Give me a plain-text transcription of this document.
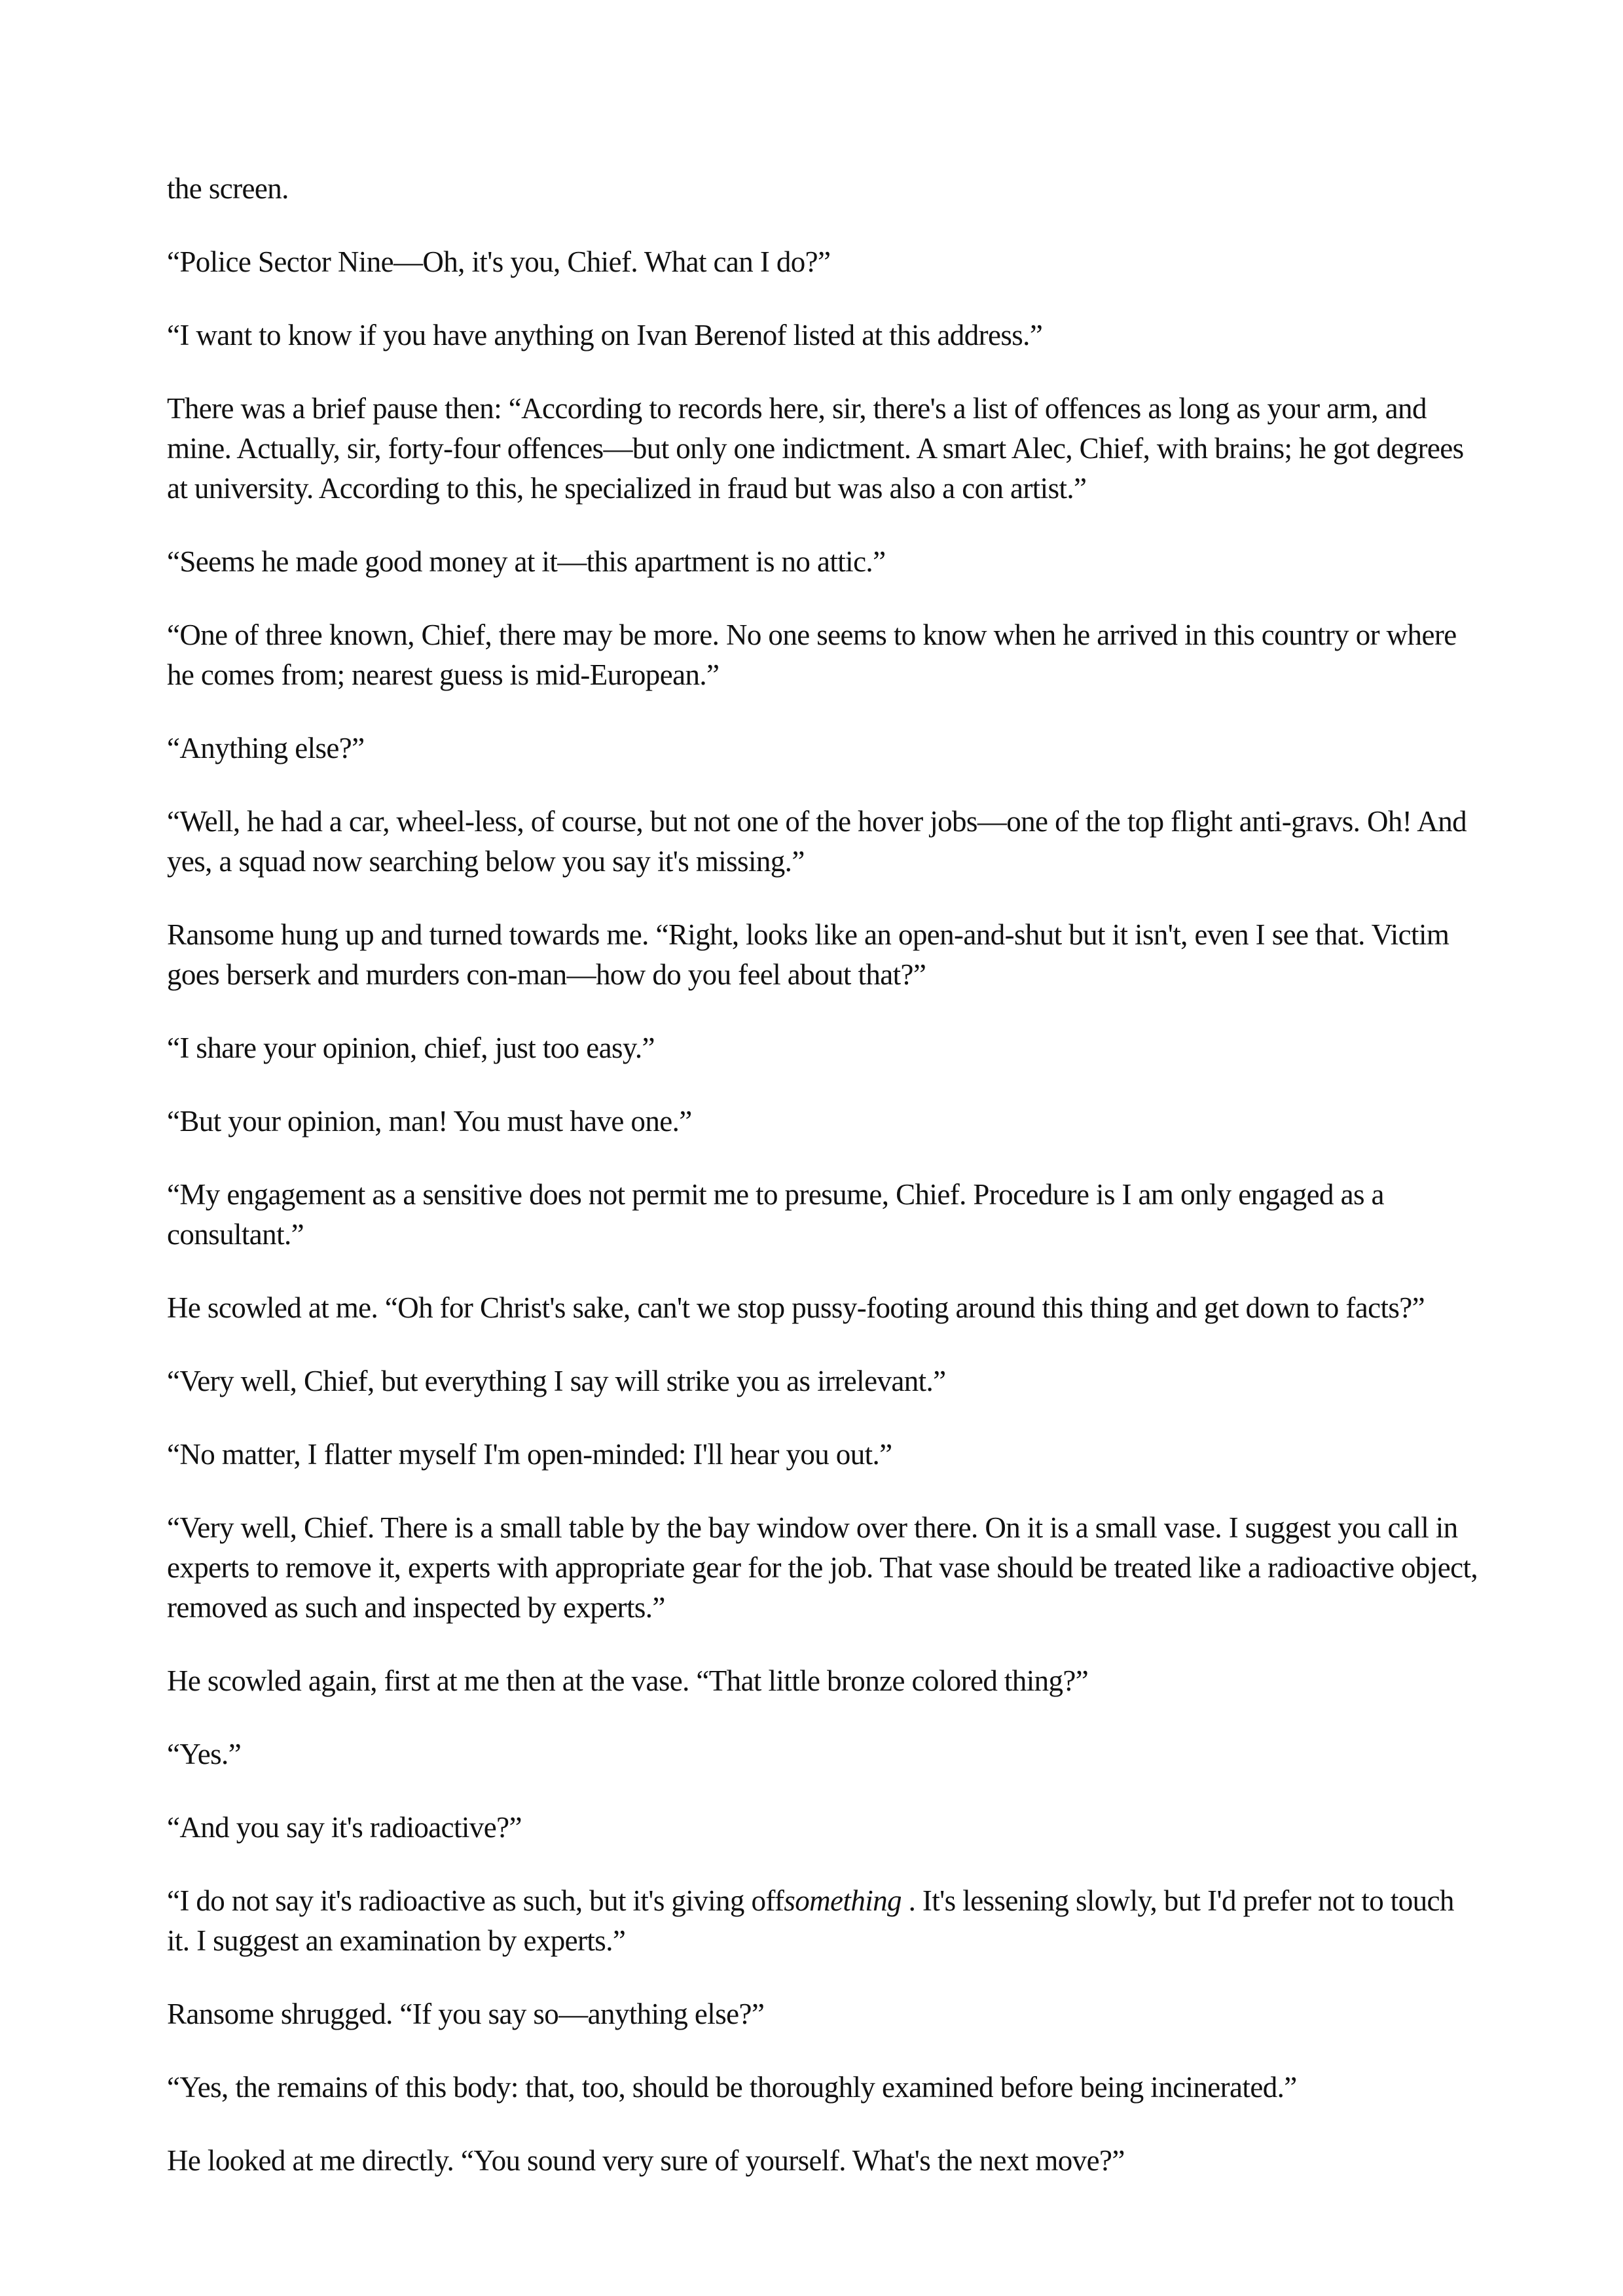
the screen.

“Police Sector Nine—Oh, it's you, Chief. What can I do?”

“I want to know if you have anything on Ivan Berenof listed at this address.”

There was a brief pause then: “According to records here, sir, there's a list of offences as long as your arm, and mine. Actually, sir, forty-four offences—but only one indictment. A smart Alec, Chief, with brains; he got degrees at university. According to this, he specialized in fraud but was also a con artist.”

“Seems he made good money at it—this apartment is no attic.”

“One of three known, Chief, there may be more. No one seems to know when he arrived in this country or where he comes from; nearest guess is mid-European.”

“Anything else?”

“Well, he had a car, wheel-less, of course, but not one of the hover jobs—one of the top flight anti-gravs. Oh! And yes, a squad now searching below you say it's missing.”

Ransome hung up and turned towards me. “Right, looks like an open-and-shut but it isn't, even I see that. Victim goes berserk and murders con-man—how do you feel about that?”

“I share your opinion, chief, just too easy.”

“But your opinion, man! You must have one.”

“My engagement as a sensitive does not permit me to presume, Chief. Procedure is I am only engaged as a consultant.”

He scowled at me. “Oh for Christ's sake, can't we stop pussy-footing around this thing and get down to facts?”

“Very well, Chief, but everything I say will strike you as irrelevant.”

“No matter, I flatter myself I'm open-minded: I'll hear you out.”

“Very well, Chief. There is a small table by the bay window over there. On it is a small vase. I suggest you call in experts to remove it, experts with appropriate gear for the job. That vase should be treated like a radioactive object, removed as such and inspected by experts.”

He scowled again, first at me then at the vase. “That little bronze colored thing?”

“Yes.”

“And you say it's radioactive?”

“I do not say it's radioactive as such, but it's giving offsomething . It's lessening slowly, but I'd prefer not to touch it. I suggest an examination by experts.”

Ransome shrugged. “If you say so—anything else?”

“Yes, the remains of this body: that, too, should be thoroughly examined before being incinerated.”

He looked at me directly. “You sound very sure of yourself. What's the next move?”
